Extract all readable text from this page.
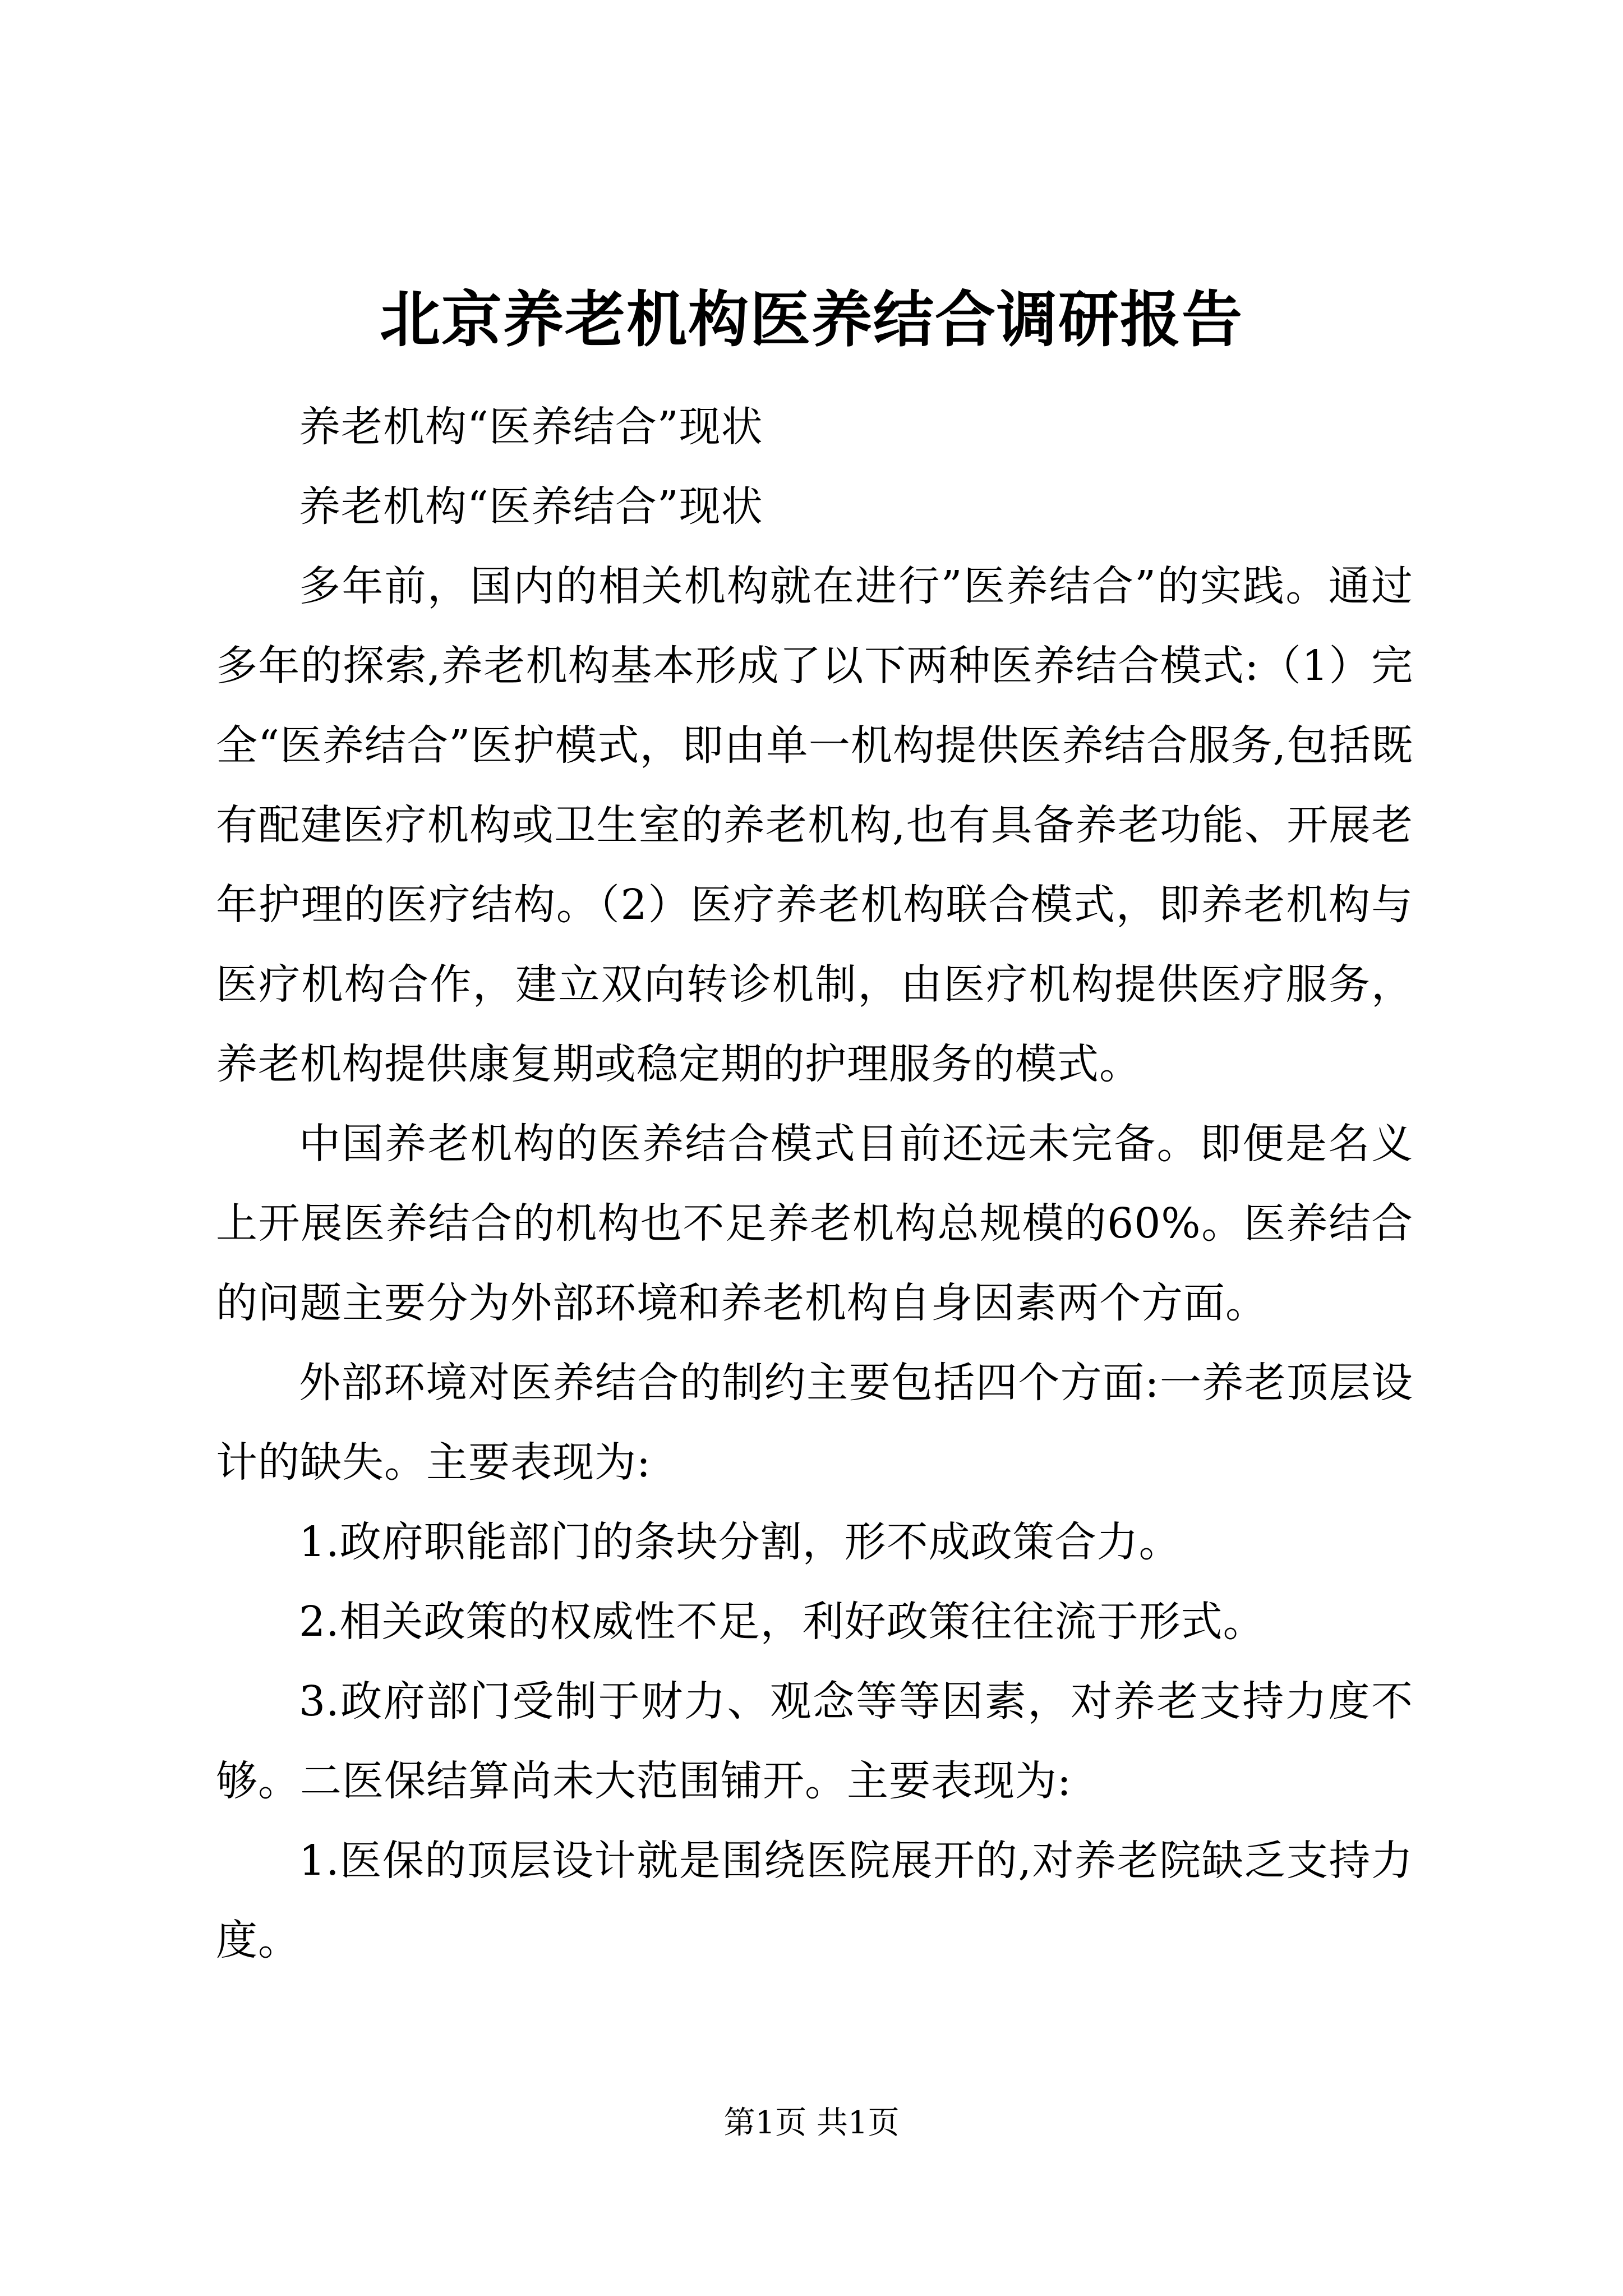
北京养老机构医养结合调研报告

养老机构“医养结合”现状

养老机构“医养结合”现状

多年前，国内的相关机构就在进行”医养结合”的实践。通过多年的探索,养老机构基本形成了以下两种医养结合模式:（1）完全“医养结合”医护模式，即由单一机构提供医养结合服务,包括既有配建医疗机构或卫生室的养老机构,也有具备养老功能、开展老年护理的医疗结构。（2）医疗养老机构联合模式，即养老机构与医疗机构合作，建立双向转诊机制，由医疗机构提供医疗服务，养老机构提供康复期或稳定期的护理服务的模式。

中国养老机构的医养结合模式目前还远未完备。即便是名义上开展医养结合的机构也不足养老机构总规模的60%。医养结合的问题主要分为外部环境和养老机构自身因素两个方面。

外部环境对医养结合的制约主要包括四个方面:一养老顶层设计的缺失。主要表现为:

1.政府职能部门的条块分割，形不成政策合力。

2.相关政策的权威性不足，利好政策往往流于形式。

3.政府部门受制于财力、观念等等因素，对养老支持力度不够。二医保结算尚未大范围铺开。主要表现为:

1.医保的顶层设计就是围绕医院展开的,对养老院缺乏支持力度。

第1页 共1页
